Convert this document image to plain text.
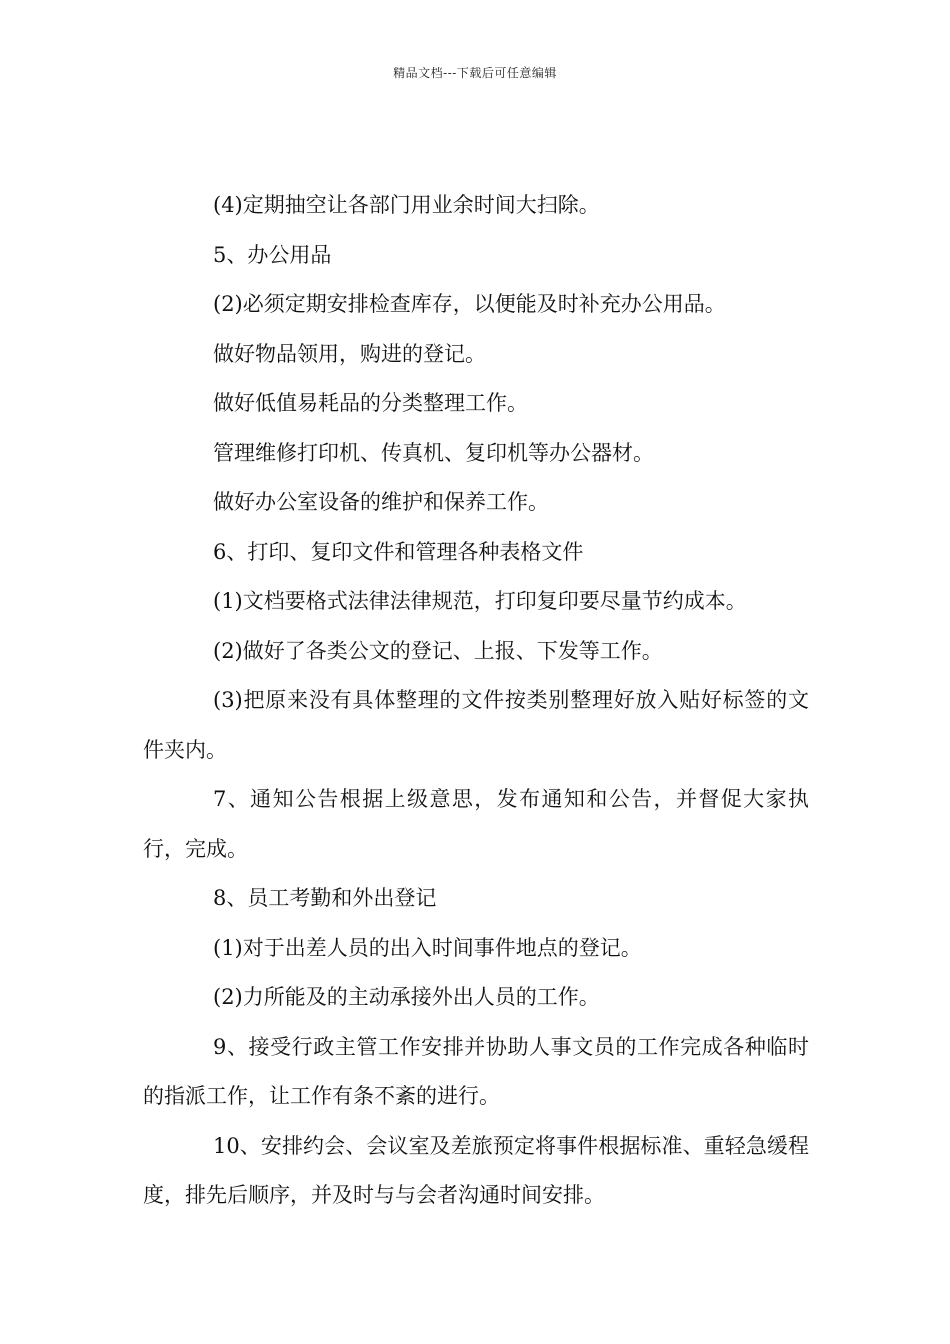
精品文档---下载后可任意编辑

(4)定期抽空让各部门用业余时间大扫除。

5、办公用品

(2)必须定期安排检查库存，以便能及时补充办公用品。

做好物品领用，购进的登记。

做好低值易耗品的分类整理工作。

管理维修打印机、传真机、复印机等办公器材。

做好办公室设备的维护和保养工作。

6、打印、复印文件和管理各种表格文件

(1)文档要格式法律法律规范，打印复印要尽量节约成本。

(2)做好了各类公文的登记、上报、下发等工作。

(3)把原来没有具体整理的文件按类别整理好放入贴好标签的文件夹内。

7、通知公告根据上级意思，发布通知和公告，并督促大家执行，完成。

8、员工考勤和外出登记

(1)对于出差人员的出入时间事件地点的登记。

(2)力所能及的主动承接外出人员的工作。

9、接受行政主管工作安排并协助人事文员的工作完成各种临时的指派工作，让工作有条不紊的进行。

10、安排约会、会议室及差旅预定将事件根据标准、重轻急缓程度，排先后顺序，并及时与与会者沟通时间安排。
